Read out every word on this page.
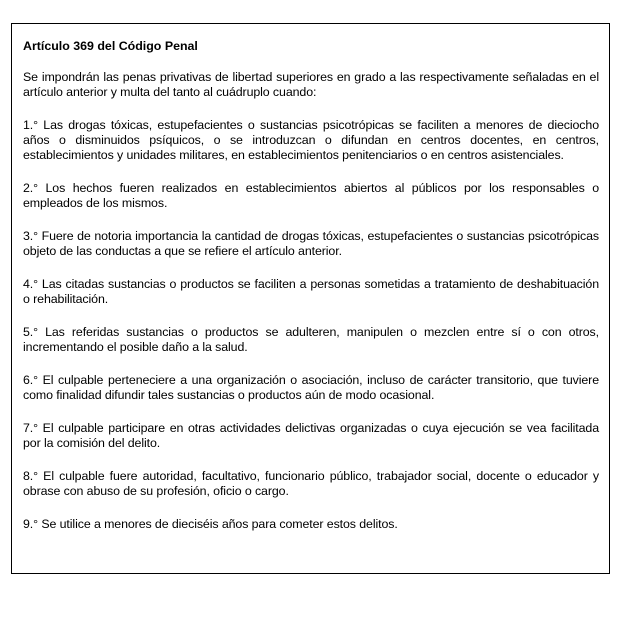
Artículo 369 del Código Penal

Se impondrán las penas privativas de libertad superiores en grado a las respectivamente señaladas en el artículo anterior y multa del tanto al cuádruplo cuando:

1.° Las drogas tóxicas, estupefacientes o sustancias psicotrópicas se faciliten a menores de dieciocho años o disminuidos psíquicos, o se introduzcan o difundan en centros docentes, en centros, establecimientos y unidades militares, en establecimientos penitenciarios o en centros asistenciales.

2.° Los hechos fueren realizados en establecimientos abiertos al públicos por los responsables o empleados de los mismos.

3.° Fuere de notoria importancia la cantidad de drogas tóxicas, estupefacientes o sustancias psicotrópicas objeto de las conductas a que se refiere el artículo anterior.

4.° Las citadas sustancias o productos se faciliten a personas sometidas a tratamiento de deshabituación o rehabilitación.

5.° Las referidas sustancias o productos se adulteren, manipulen o mezclen entre sí o con otros, incrementando el posible daño a la salud.

6.° El culpable perteneciere a una organización o asociación, incluso de carácter transitorio, que tuviere como finalidad difundir tales sustancias o productos aún de modo ocasional.

7.° El culpable participare en otras actividades delictivas organizadas o cuya ejecución se vea facilitada por la comisión del delito.

8.° El culpable fuere autoridad, facultativo, funcionario público, trabajador social, docente o educador y obrase con abuso de su profesión, oficio o cargo.

9.° Se utilice a menores de dieciséis años para cometer estos delitos.
